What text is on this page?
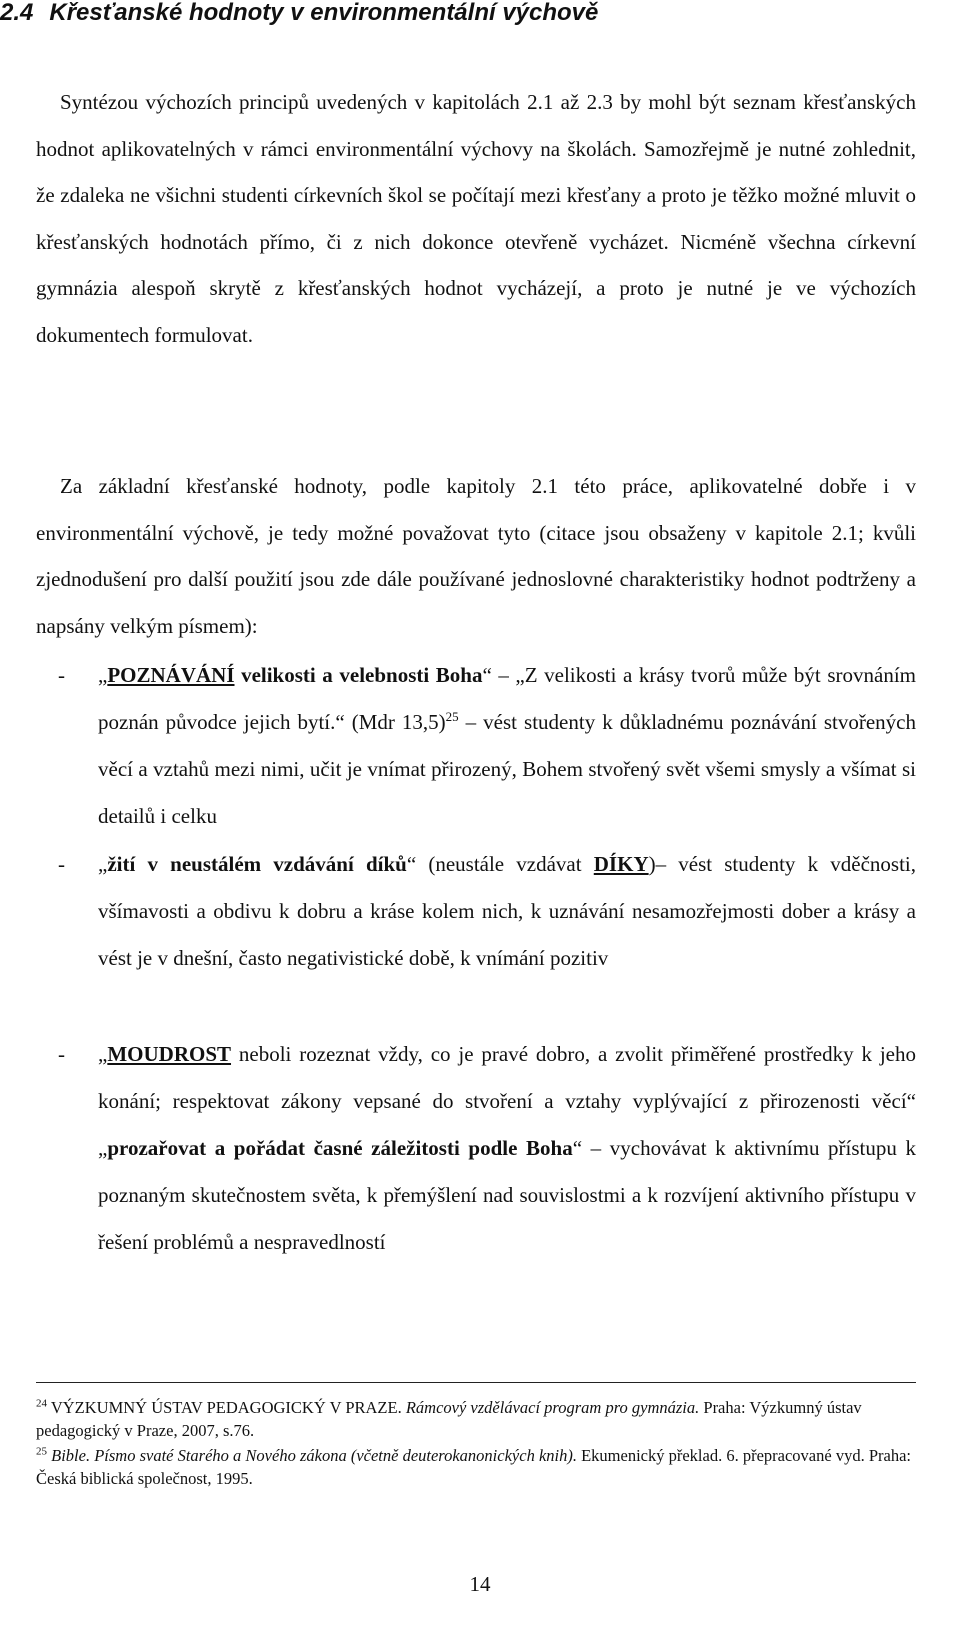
2.4 Křesťanské hodnoty v environmentální výchově
Syntézou výchozích principů uvedených v kapitolách 2.1 až 2.3 by mohl být seznam křesťanských hodnot aplikovatelných v rámci environmentální výchovy na školách. Samozřejmě je nutné zohlednit, že zdaleka ne všichni studenti církevních škol se počítají mezi křesťany a proto je těžko možné mluvit o křesťanských hodnotách přímo, či z nich dokonce otevřeně vycházet. Nicméně všechna církevní gymnázia alespoň skrytě z křesťanských hodnot vycházejí, a proto je nutné je ve výchozích dokumentech formulovat.
Za základní křesťanské hodnoty, podle kapitoly 2.1 této práce, aplikovatelné dobře i v environmentální výchově, je tedy možné považovat tyto (citace jsou obsaženy v kapitole 2.1; kvůli zjednodušení pro další použití jsou zde dále používané jednoslovné charakteristiky hodnot podtrženy a napsány velkým písmem):
- „POZNÁVÁNÍ velikosti a velebnosti Boha“ – „Z velikosti a krásy tvorů může být srovnáním poznán původce jejich bytí.“ (Mdr 13,5)$^{25}$ – vést studenty k důkladnému poznávání stvořených věcí a vztahů mezi nimi, učit je vnímat přirozený, Bohem stvořený svět všemi smysly a všímat si detailů i celku
- „žití v neustálém vzdávání díků“ (neustále vzdávat DÍKY)– vést studenty k vděčnosti, všímavosti a obdivu k dobru a kráse kolem nich, k uznávání nesamozřejmosti dober a krásy a vést je v dnešní, často negativistické době, k vnímání pozitiv
- „MOUDROST neboli rozeznat vždy, co je pravé dobro, a zvolit přiměřené prostředky k jeho konání; respektovat zákony vepsané do stvoření a vztahy vyplývající z přirozenosti věcí“ „prozařovat a pořádat časné záležitosti podle Boha“ – vychovávat k aktivnímu přístupu k poznaným skutečnostem světa, k přemýšlení nad souvislostmi a k rozvíjení aktivního přístupu v řešení problémů a nespravedlností
$^{24}$ VÝZKUMNÝ ÚSTAV PEDAGOGICKÝ V PRAZE. Rámcový vzdělávací program pro gymnázia. Praha: Výzkumný ústav pedagogický v Praze, 2007, s.76.
$^{25}$ Bible. Písmo svaté Starého a Nového zákona (včetně deuterokanonických knih). Ekumenický překlad. 6. přepracované vyd. Praha: Česká biblická společnost, 1995.
14
